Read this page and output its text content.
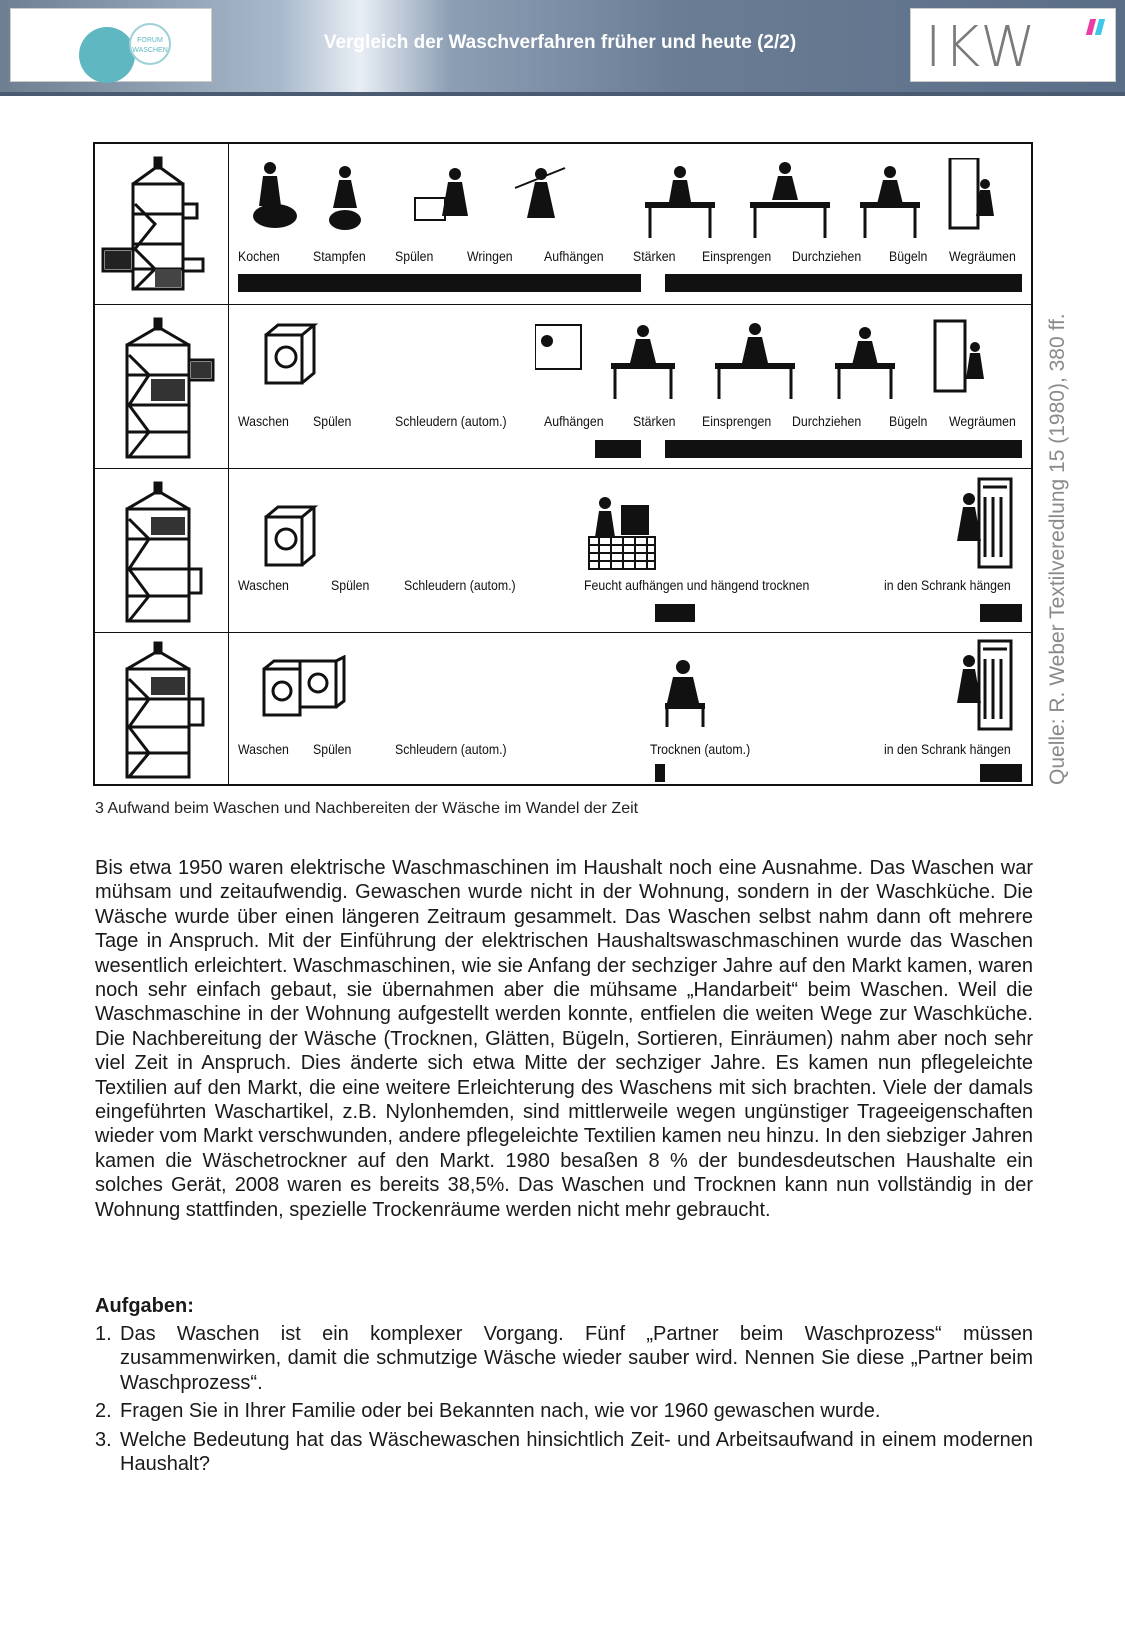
FORUM WASCHEN	Vergleich der Waschverfahren früher und heute (2/2)	IKW
Kochen Stampfen Spülen Wringen Aufhängen Stärken Einsprengen Durchziehen Bügeln Wegräumen
Waschen Spülen	Schleudern (autom.)	Aufhängen Stärken Einsprengen Durchziehen Bügeln Wegräumen
Waschen	Spülen Schleudern (autom.)	Feucht aufhängen und hängend trocknen	in den Schrank hängen
Waschen Spülen	Schleudern (autom.)	Trocknen (autom.)	in den Schrank hängen
3 Aufwand beim Waschen und Nachbereiten der Wäsche im Wandel der Zeit
Quelle: R. Weber Textilveredlung 15 (1980), 380 ff.
Bis etwa 1950 waren elektrische Waschmaschinen im Haushalt noch eine Ausnahme. Das Waschen war mühsam und zeitaufwendig. Gewaschen wurde nicht in der Wohnung, sondern in der Waschküche. Die Wäsche wurde über einen längeren Zeitraum gesammelt. Das Waschen selbst nahm dann oft mehrere Tage in Anspruch. Mit der Einführung der elektrischen Haushaltswaschmaschinen wurde das Waschen wesentlich erleichtert. Waschmaschinen, wie sie Anfang der sechziger Jahre auf den Markt kamen, waren noch sehr einfach gebaut, sie übernahmen aber die mühsame „Handarbeit“ beim Waschen. Weil die Waschmaschine in der Wohnung aufgestellt werden konnte, entfielen die weiten Wege zur Waschküche. Die Nachbereitung der Wäsche (Trocknen, Glätten, Bügeln, Sortieren, Einräumen) nahm aber noch sehr viel Zeit in Anspruch. Dies änderte sich etwa Mitte der sechziger Jahre. Es kamen nun pflegeleichte Textilien auf den Markt, die eine weitere Erleichterung des Waschens mit sich brachten. Viele der damals eingeführten Waschartikel, z.B. Nylonhemden, sind mittlerweile wegen ungünstiger Trageeigenschaften wieder vom Markt verschwunden, andere pflegeleichte Textilien kamen neu hinzu. In den siebziger Jahren kamen die Wäschetrockner auf den Markt. 1980 besaßen 8 % der bundesdeutschen Haushalte ein solches Gerät, 2008 waren es bereits 38,5%. Das Waschen und Trocknen kann nun vollständig in der Wohnung stattfinden, spezielle Trockenräume werden nicht mehr gebraucht.
Aufgaben:
1. Das Waschen ist ein komplexer Vorgang. Fünf „Partner beim Waschprozess“ müssen zusammenwirken, damit die schmutzige Wäsche wieder sauber wird. Nennen Sie diese „Partner beim Waschprozess“.
2. Fragen Sie in Ihrer Familie oder bei Bekannten nach, wie vor 1960 gewaschen wurde.
3. Welche Bedeutung hat das Wäschewaschen hinsichtlich Zeit- und Arbeitsaufwand in einem modernen Haushalt?
